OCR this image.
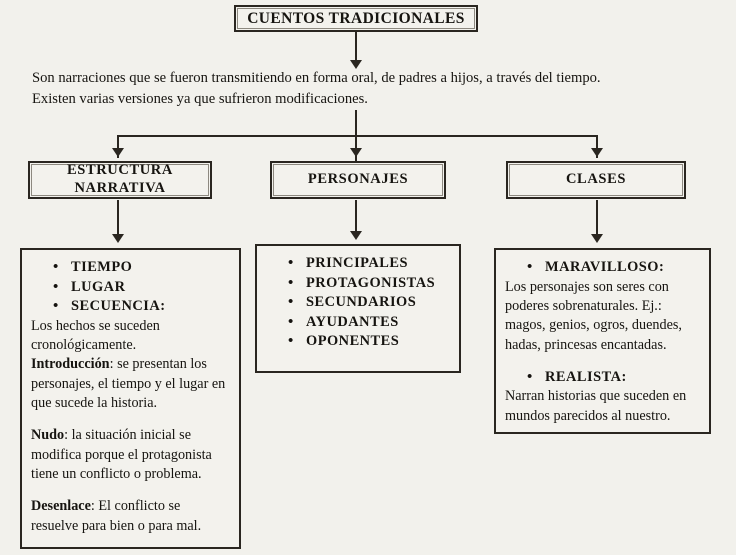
CUENTOS TRADICIONALES

Son narraciones que se fueron transmitiendo en forma oral, de padres a hijos, a través del tiempo.

Existen varias versiones ya que sufrieron modificaciones.

ESTRUCTURA
NARRATIVA
PERSONAJES	CLASES
• TIEMPO
• LUGAR
• SECUENCIA:

Los hechos se suceden cronológicamente.

Introducción: se presentan los personajes, el tiempo y el lugar en que sucede la historia.

Nudo: la situación inicial se modifica porque el protagonista tiene un conflicto o problema.

Desenlace: El conflicto se resuelve para bien o para mal.

• PRINCIPALES
• PROTAGONISTAS
• SECUNDARIOS
• AYUDANTES
• OPONENTES
• MARAVILLOSO:

Los personajes son seres con poderes sobrenaturales. Ej.: magos, genios, ogros, duendes, hadas, princesas encantadas.

• REALISTA:

Narran historias que suceden en mundos parecidos al nuestro.
